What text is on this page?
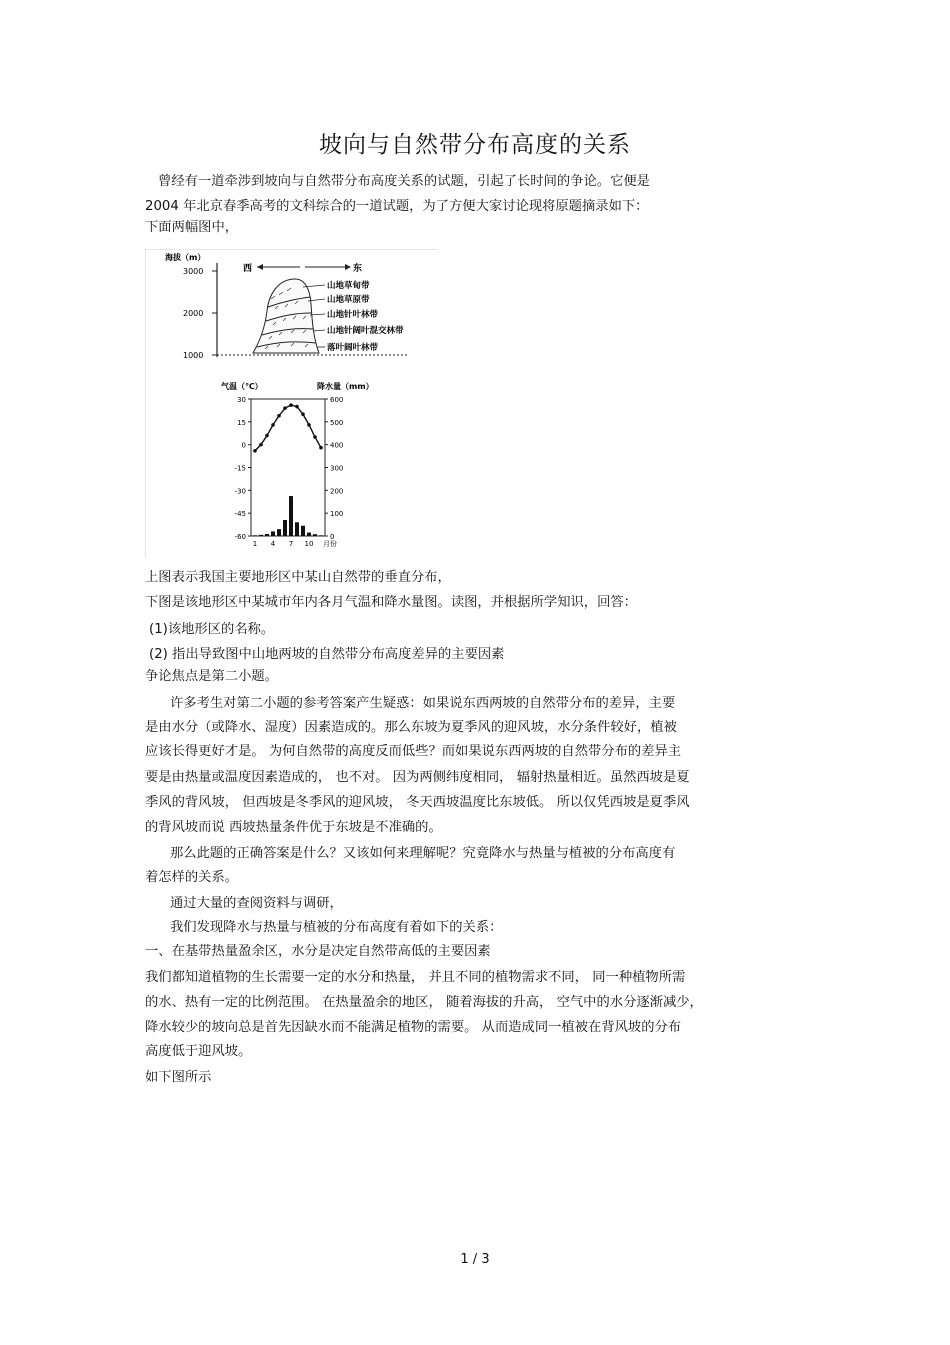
坡向与自然带分布高度的关系
曾经有一道牵涉到坡向与自然带分布高度关系的试题，引起了长时间的争论。它便是
2004 年北京春季高考的文科综合的一道试题，为了方便大家讨论现将原题摘录如下：
下面两幅图中，
海拔（m）
3000
2000
1000
西	东
山地草甸带
山地草原带
山地针叶林带
山地针阔叶混交林带
落叶阔叶林带
气温（℃）	降水量（mm）
30
15
0
-15
-30
-45
-60
600
500
400
300
200
100
0
1 4 7 10 月份
上图表示我国主要地形区中某山自然带的垂直分布，
下图是该地形区中某城市年内各月气温和降水量图。读图，并根据所学知识，回答：
(1)该地形区的名称。
(2) 指出导致图中山地两坡的自然带分布高度差异的主要因素
争论焦点是第二小题。
许多考生对第二小题的参考答案产生疑惑：如果说东西两坡的自然带分布的差异，主要
是由水分（或降水、湿度）因素造成的。那么东坡为夏季风的迎风坡，水分条件较好，植被
应该长得更好才是。 为何自然带的高度反而低些？而如果说东西两坡的自然带分布的差异主
要是由热量或温度因素造成的， 也不对。 因为两侧纬度相同， 辐射热量相近。虽然西坡是夏
季风的背风坡， 但西坡是冬季风的迎风坡， 冬天西坡温度比东坡低。 所以仅凭西坡是夏季风
的背风坡而说 西坡热量条件优于东坡是不准确的。
那么此题的正确答案是什么？又该如何来理解呢？究竟降水与热量与植被的分布高度有
着怎样的关系。
通过大量的查阅资料与调研，
我们发现降水与热量与植被的分布高度有着如下的关系：
一、在基带热量盈余区，水分是决定自然带高低的主要因素
我们都知道植物的生长需要一定的水分和热量， 并且不同的植物需求不同， 同一种植物所需
的水、热有一定的比例范围。 在热量盈余的地区， 随着海拔的升高， 空气中的水分逐渐减少，
降水较少的坡向总是首先因缺水而不能满足植物的需要。 从而造成同一植被在背风坡的分布
高度低于迎风坡。
如下图所示
1 / 3
